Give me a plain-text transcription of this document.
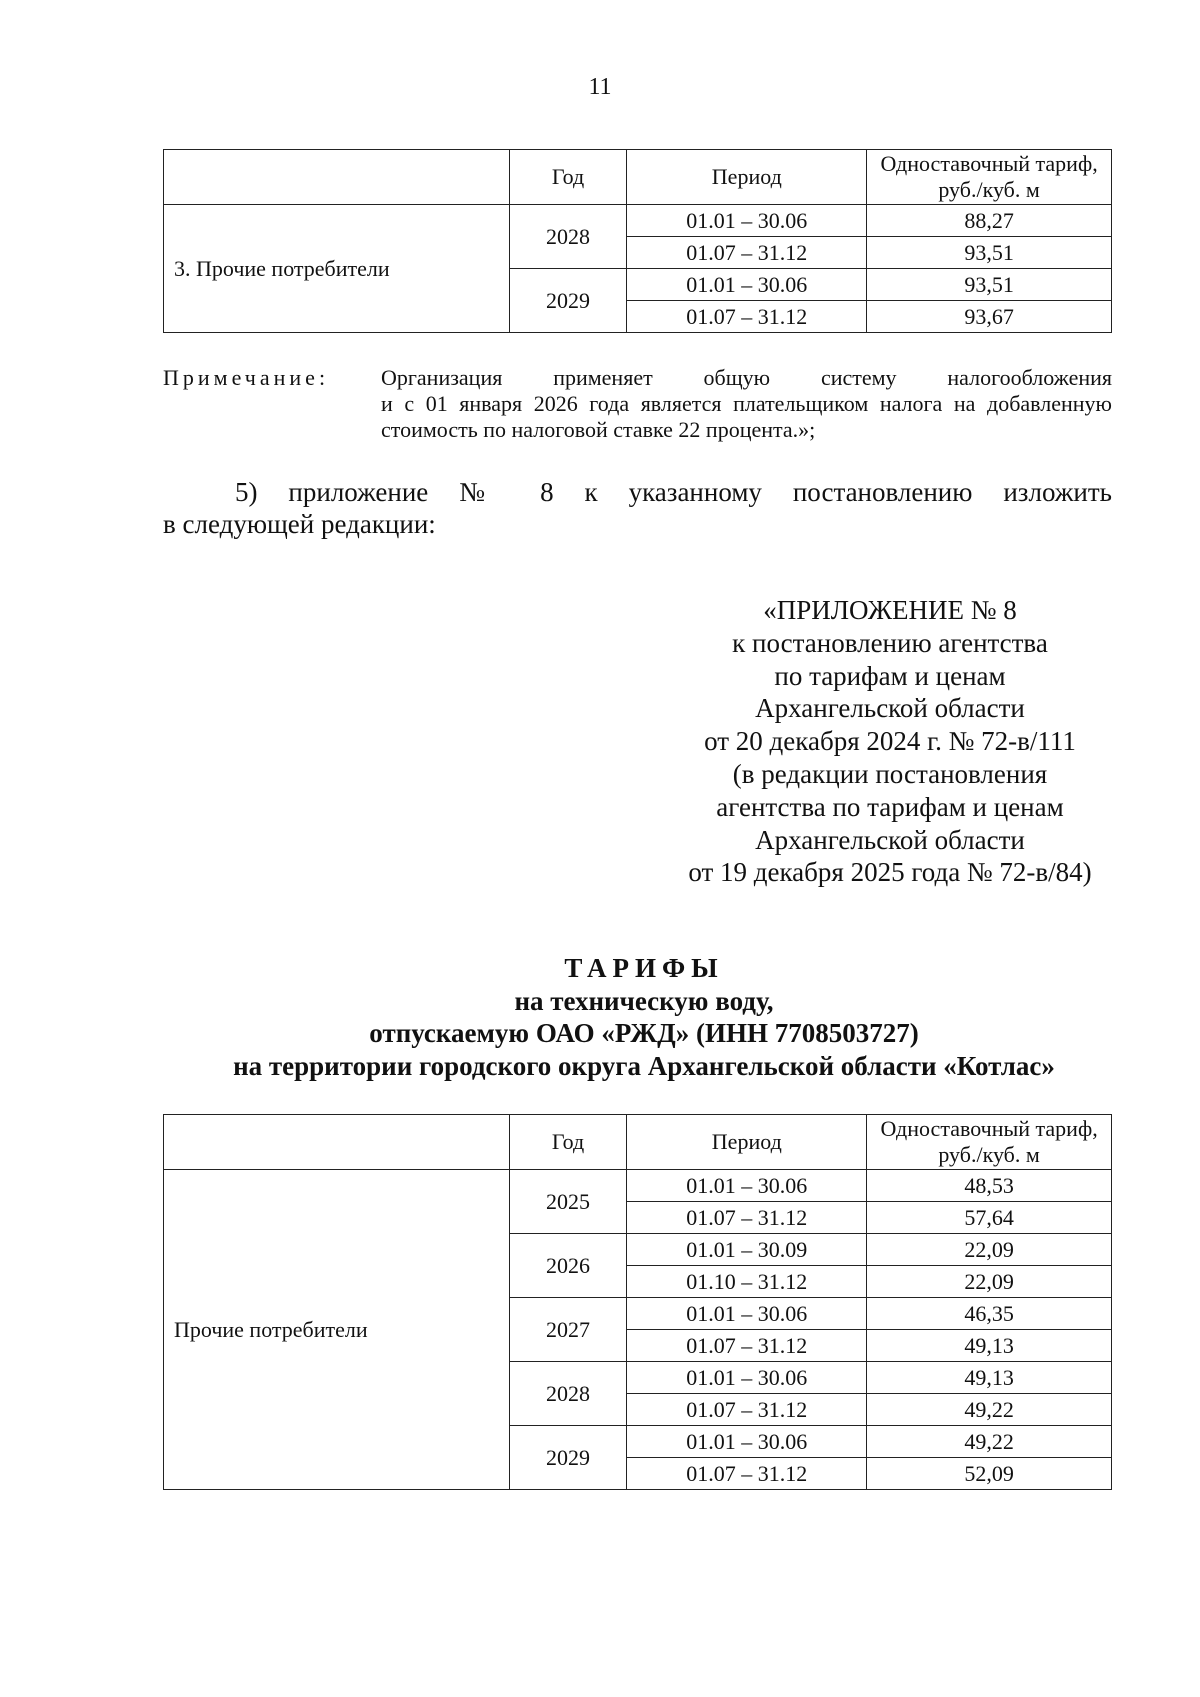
11
	Год	Период	Одноставочный тариф, руб./куб. м
3. Прочие потребители	2028	01.01 – 30.06	88,27
		01.07 – 31.12	93,51
	2029	01.01 – 30.06	93,51
		01.07 – 31.12	93,67
Примечание: Организация применяет общую систему налогообложения
и с 01 января 2026 года является плательщиком налога на добавленную стоимость по налоговой ставке 22 процента.»;
5) приложение № 8 к указанному постановлению изложить
в следующей редакции:
«ПРИЛОЖЕНИЕ № 8
к постановлению агентства
по тарифам и ценам
Архангельской области
от 20 декабря 2024 г. № 72-в/111
(в редакции постановления
агентства по тарифам и ценам
Архангельской области
от 19 декабря 2025 года № 72-в/84)
ТАРИФЫ
на техническую воду,
отпускаемую ОАО «РЖД» (ИНН 7708503727)
на территории городского округа Архангельской области «Котлас»
	Год	Период	Одноставочный тариф, руб./куб. м
Прочие потребители	2025	01.01 – 30.06	48,53
		01.07 – 31.12	57,64
	2026	01.01 – 30.09	22,09
		01.10 – 31.12	22,09
	2027	01.01 – 30.06	46,35
		01.07 – 31.12	49,13
	2028	01.01 – 30.06	49,13
		01.07 – 31.12	49,22
	2029	01.01 – 30.06	49,22
		01.07 – 31.12	52,09
